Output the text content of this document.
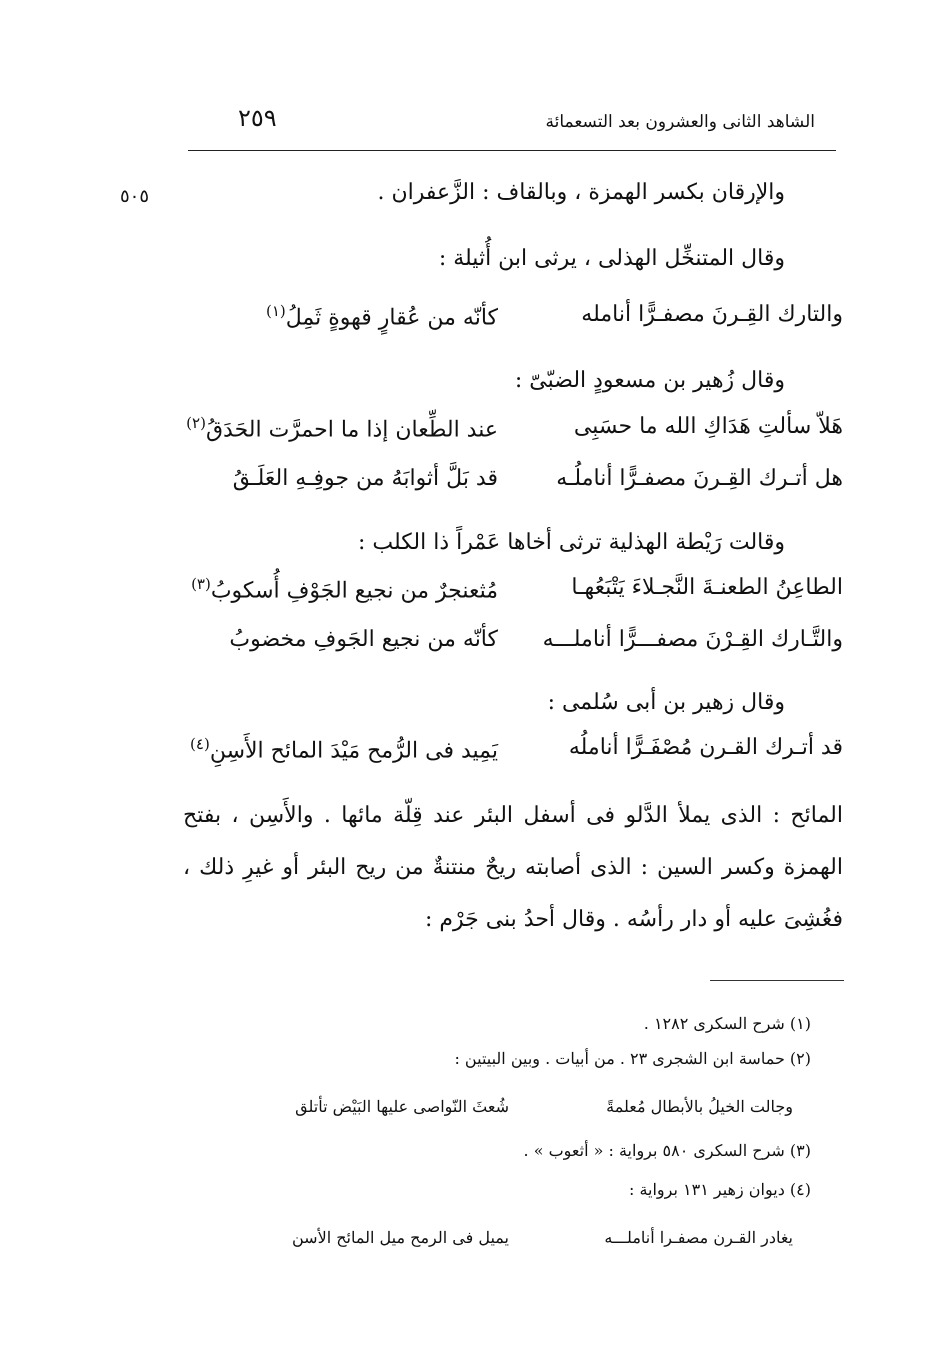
الشاهد الثانى والعشرون بعد التسعمائة
٢٥٩
٥٠٥	والإرقان بكسر الهمزة ، وبالقاف : الزَّعفران .
وقال المتنخِّل الهذلى ، يرثى ابن أُثيلة :
والتارك القِـرنَ مصفـرًّا أنامله
كأنّه من عُقارٍ قهوةٍ ثَمِلُ$^{(١)}$
وقال زُهير بن مسعودٍ الضبّىّ :
هَلاّ سألتِ هَدَاكِ الله ما حسَبِى
عند الطِّعان إذا ما احمرَّت الحَدَقُ$^{(٢)}$
هل أتـرك القِـرنَ مصفـرًّا أناملُـه
قد بَلَّ أثوابَهُ من جوفِـهِ العَلَـقُ
وقالت رَيْطة الهذلية ترثى أخاها عَمْراً ذا الكلب :
الطاعِنُ الطعنـةَ النَّجـلاءَ يَتْبَعُهـا
مُثعنجرٌ من نجيع الجَوْفِ أُسكوبُ$^{(٣)}$
والتَّـارك القِـرْنَ مصفـــرًّا أناملـــه
كأنّه من نجيع الجَوفِ مخضوبُ
وقال زهير بن أبى سُلمى :
قد أتـرك القـرن مُصْفَـرًّا أناملُه
يَمِيد فى الرُّمح مَيْدَ المائح الأَسِنِ$^{(٤)}$
المائح : الذى يملأ الدَّلو فى أسفل البئر عند قِلّة مائها . والأَسِن ، بفتح الهمزة وكسر السين : الذى أصابته ريحٌ منتنةٌ من ريح البئر أو غيرِ ذلك ، فغُشِىَ عليه أو دار رأسُه . وقال أحدُ بنى جَرْم :
(١) شرح السكرى ١٢٨٢ .
(٢) حماسة ابن الشجرى ٢٣ . من أبيات . وبين البيتين :
وجالت الخيلُ بالأبطال مُعلمةً
شُعثَ النّواصى عليها البَيْض تأتلق
(٣) شرح السكرى ٥٨٠ برواية : « أثعوب » .
(٤) ديوان زهير ١٣١ برواية :
يغادر القـرن مصفـرا أناملـــه
يميل فى الرمح ميل المائح الأسن
